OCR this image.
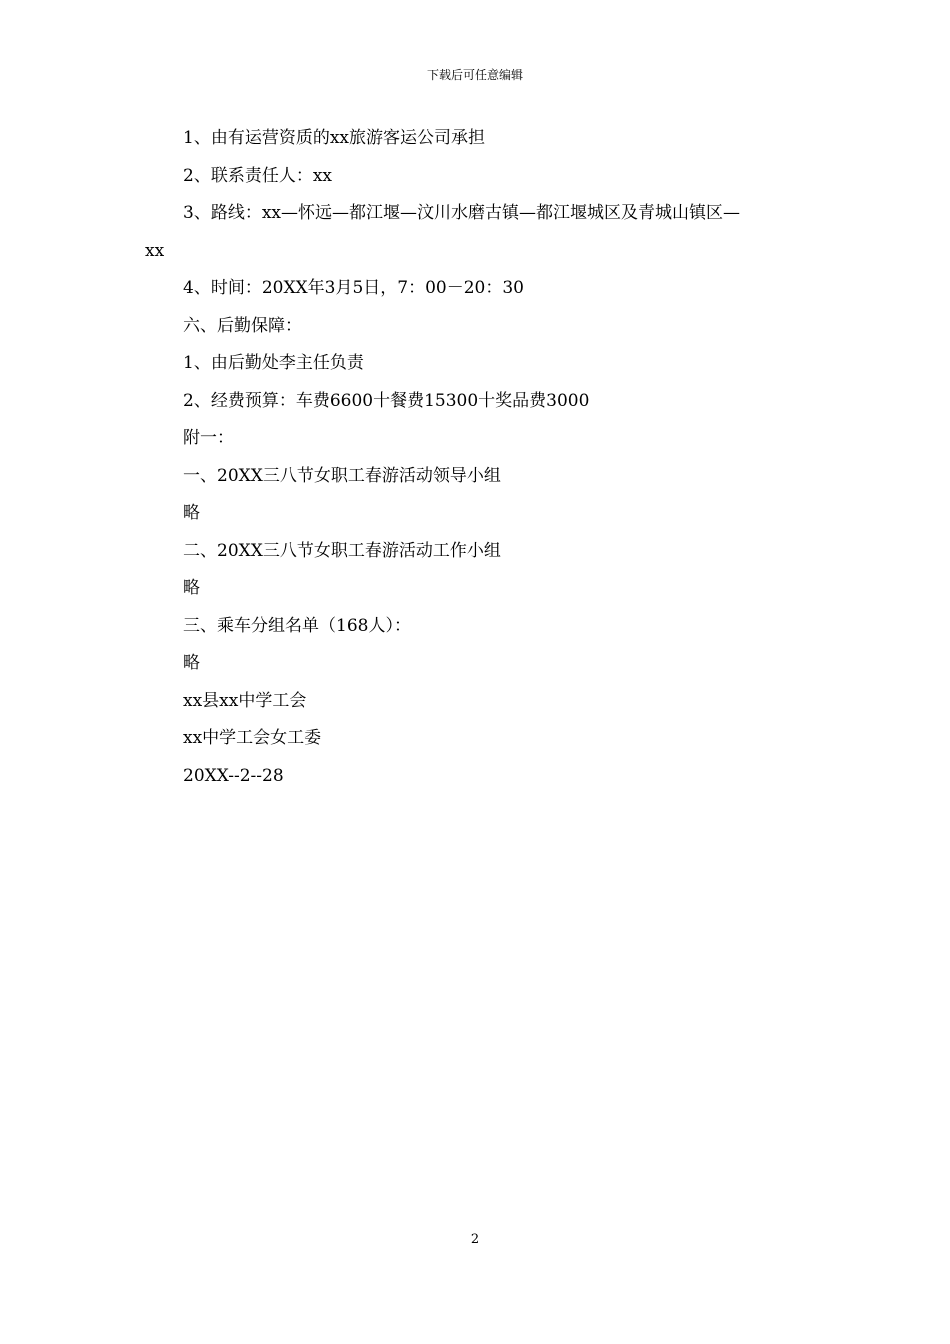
下载后可任意编辑
1、由有运营资质的xx旅游客运公司承担
2、联系责任人：xx
3、路线：xx—怀远—都江堰—汶川水磨古镇—都江堰城区及青城山镇区—
xx
4、时间：20XX年3月5日，7：00－20：30
六、后勤保障：
1、由后勤处李主任负责
2、经费预算：车费6600十餐费15300十奖品费3000
附一：
一、20XX三八节女职工春游活动领导小组
略
二、20XX三八节女职工春游活动工作小组
略
三、乘车分组名单（168人）：
略
xx县xx中学工会
xx中学工会女工委
20XX--2--28
2
